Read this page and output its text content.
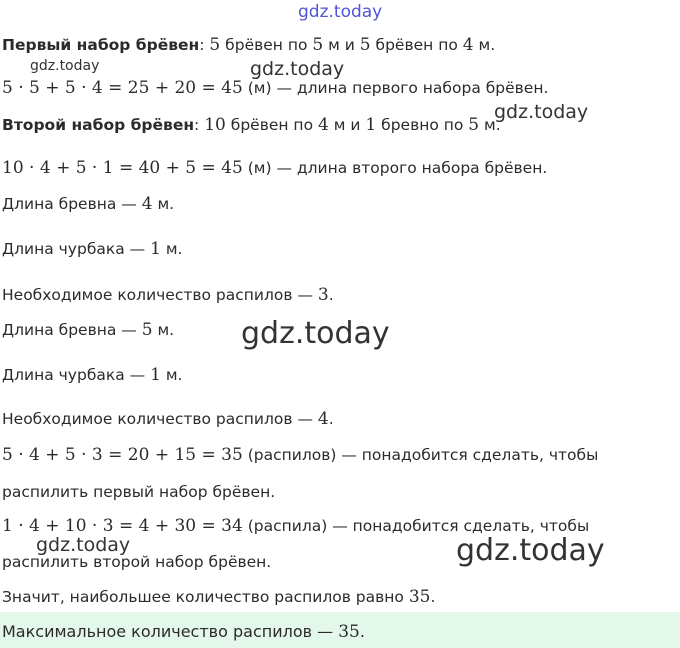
gdz.today
gdz.today	gdz.today
gdz.today
gdz.today
gdz.today	gdz.today
Первый набор брёвен: 5 брёвен по 5 м и 5 брёвен по 4 м.
5 · 5 + 5 · 4 = 25 + 20 = 45 (м) — длина первого набора брёвен.
Второй набор брёвен: 10 брёвен по 4 м и 1 бревно по 5 м.
10 · 4 + 5 · 1 = 40 + 5 = 45 (м) — длина второго набора брёвен.
Длина бревна — 4 м.
Длина чурбака — 1 м.
Необходимое количество распилов — 3.
Длина бревна — 5 м.
Длина чурбака — 1 м.
Необходимое количество распилов — 4.
5 · 4 + 5 · 3 = 20 + 15 = 35 (распилов) — понадобится сделать, чтобы
распилить первый набор брёвен.
1 · 4 + 10 · 3 = 4 + 30 = 34 (распила) — понадобится сделать, чтобы
распилить второй набор брёвен.
Значит, наибольшее количество распилов равно 35.
Максимальное количество распилов — 35.
